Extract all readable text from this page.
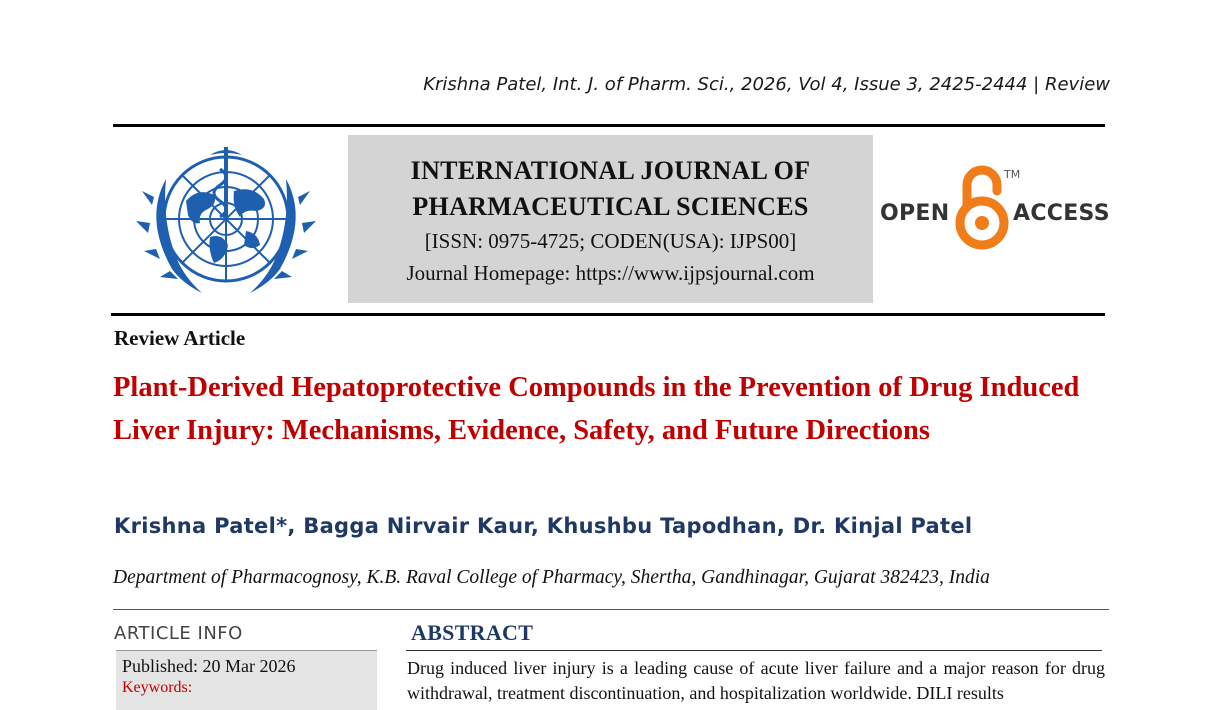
Krishna Patel, Int. J. of Pharm. Sci., 2026, Vol 4, Issue 3, 2425-2444 | Review
INTERNATIONAL JOURNAL OF
PHARMACEUTICAL SCIENCES
[ISSN: 0975-4725; CODEN(USA): IJPS00]
Journal Homepage: https://www.ijpsjournal.com
OPEN
TM
ACCESS
Review Article
Plant-Derived Hepatoprotective Compounds in the Prevention of Drug Induced Liver Injury: Mechanisms, Evidence, Safety, and Future Directions
Krishna Patel*, Bagga Nirvair Kaur, Khushbu Tapodhan, Dr. Kinjal Patel
Department of Pharmacognosy, K.B. Raval College of Pharmacy, Shertha, Gandhinagar, Gujarat 382423, India
ARTICLE INFO
Published: 20 Mar 2026
Keywords:
ABSTRACT

Drug induced liver injury is a leading cause of acute liver failure and a major reason for drug withdrawal, treatment discontinuation, and hospitalization worldwide. DILI results
